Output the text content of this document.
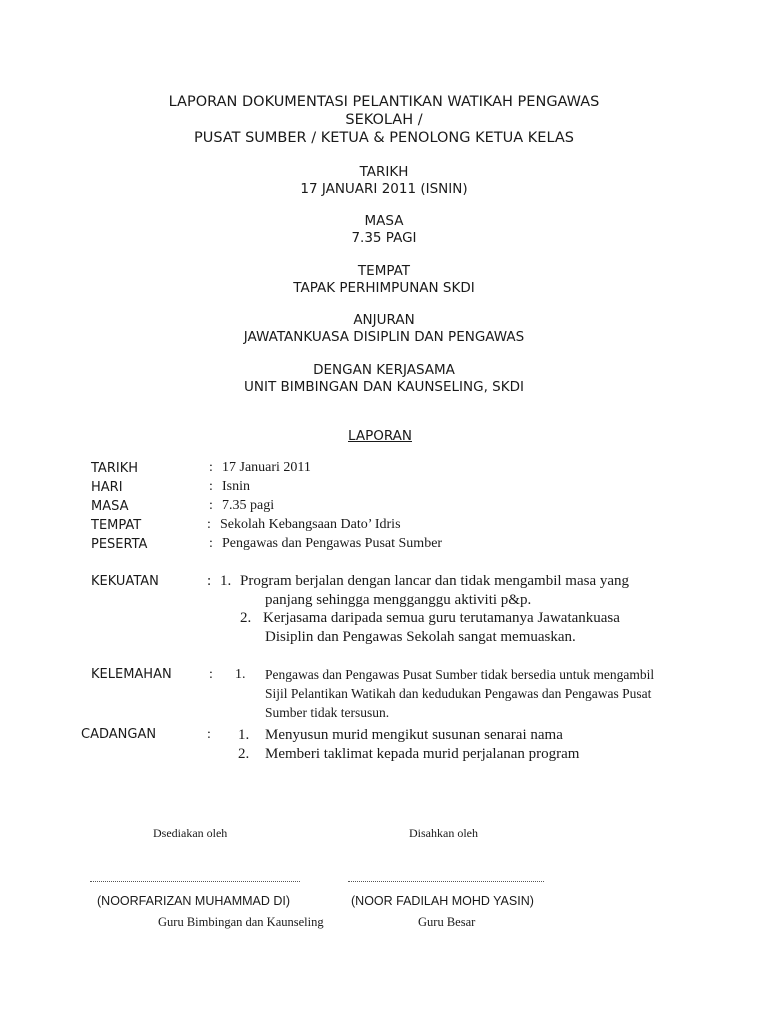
LAPORAN DOKUMENTASI PELANTIKAN WATIKAH PENGAWAS
SEKOLAH /
PUSAT SUMBER / KETUA & PENOLONG KETUA KELAS
TARIKH
17 JANUARI 2011 (ISNIN)
MASA
7.35 PAGI
TEMPAT
TAPAK PERHIMPUNAN SKDI
ANJURAN
JAWATANKUASA DISIPLIN DAN PENGAWAS
DENGAN KERJASAMA
UNIT BIMBINGAN DAN KAUNSELING, SKDI
LAPORAN
TARIKH	: 17 Januari 2011
HARI	: Isnin
MASA	: 7.35 pagi
TEMPAT	: Sekolah Kebangsaan Dato’ Idris
PESERTA	: Pengawas dan Pengawas Pusat Sumber
KEKUATAN	: 1. Program berjalan dengan lancar dan tidak mengambil masa yang
panjang sehingga mengganggu aktiviti p&p.
2. Kerjasama daripada semua guru terutamanya Jawatankuasa
Disiplin dan Pengawas Sekolah sangat memuaskan.
KELEMAHAN	: 1. Pengawas dan Pengawas Pusat Sumber tidak bersedia untuk mengambil
Sijil Pelantikan Watikah dan kedudukan Pengawas dan Pengawas Pusat
Sumber tidak tersusun.
CADANGAN	: 1. Menyusun murid mengikut susunan senarai nama
2. Memberi taklimat kepada murid perjalanan program
Dsediakan oleh	Disahkan oleh
(NOORFARIZAN MUHAMMAD DI)	(NOOR FADILAH MOHD YASIN)
Guru Bimbingan dan Kaunseling	Guru Besar
